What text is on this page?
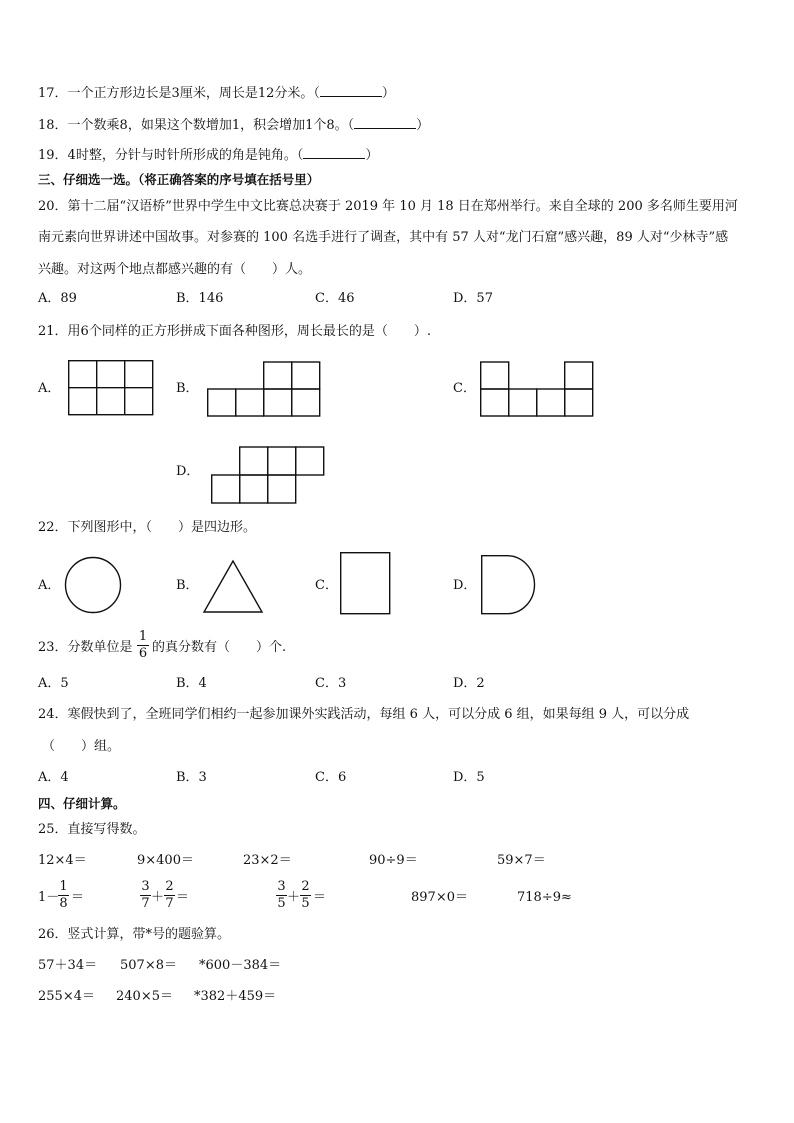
17．一个正方形边长是3厘米，周长是12分米。（	）
18．一个数乘8，如果这个数增加1，积会增加1个8。（	）
19．4时整，分针与时针所形成的角是钝角。（	）
三、仔细选一选。（将正确答案的序号填在括号里）
20．第十二届“汉语桥”世界中学生中文比赛总决赛于 2019 年 10 月 18 日在郑州举行。来自全球的 200 多名师生要用河
南元素向世界讲述中国故事。对参赛的 100 名选手进行了调查，其中有 57 人对“龙门石窟”感兴趣，89 人对“少林寺”感
兴趣。对这两个地点都感兴趣的有（　　）人。
A．89	B．146	C．46	D．57
21．用6个同样的正方形拼成下面各种图形，周长最长的是（　　）.
A．	B．	C．
D．
22．下列图形中，（　　）是四边形。
A．	B．	C．	D．
23．分数单位是
1
6 的真分数有（　　）个.
A．5	B．4	C．3	D．2
24．寒假快到了，全班同学们相约一起参加课外实践活动，每组 6 人，可以分成 6 组，如果每组 9 人，可以分成
（　　）组。
A．4	B．3	C．6	D．5
四、仔细计算。
25．直接写得数。
12×4＝	9×400＝	23×2＝	90÷9＝	59×7＝
1－
1
8 ＝
3
7 ＋
2
7 ＝
3
5 ＋
2
5 ＝	897×0＝	718÷9≈
26．竖式计算，带*号的题验算。
57＋34＝ 507×8＝ *600－384＝
255×4＝ 240×5＝ *382＋459＝
